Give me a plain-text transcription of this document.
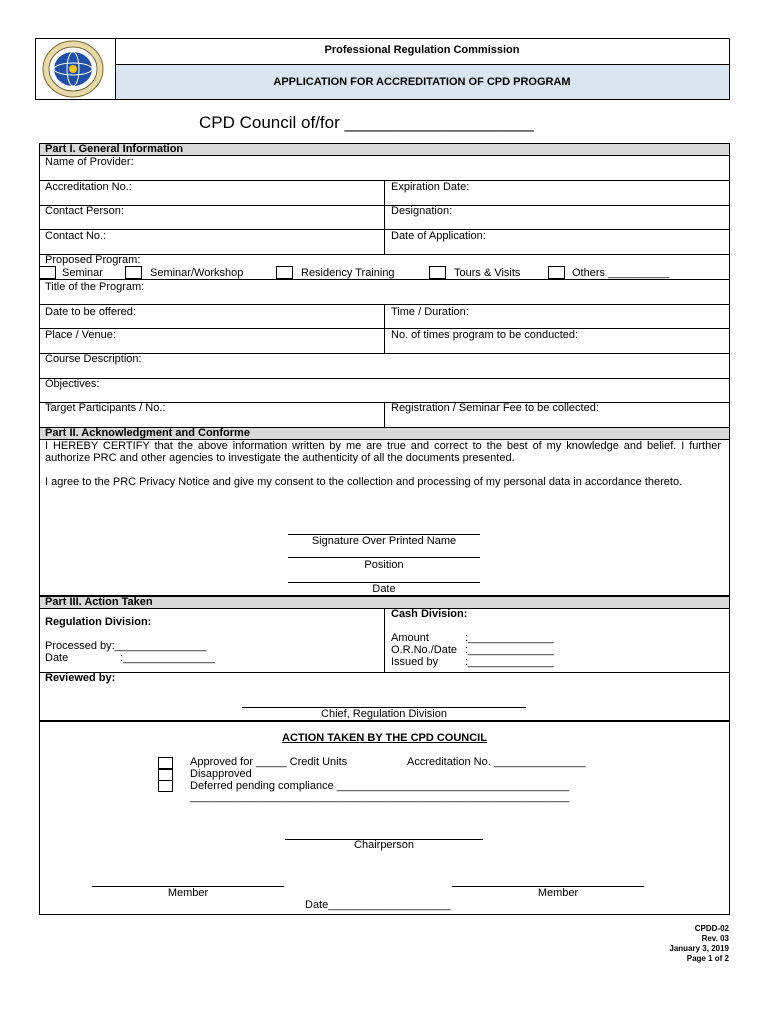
Professional Regulation Commission
APPLICATION FOR ACCREDITATION OF CPD PROGRAM
CPD Council of/for ____________________
Part I. General Information
Name of Provider:
Accreditation No.:	Expiration Date:
Contact Person:	Designation:
Contact No.:	Date of Application:
Proposed Program:
Seminar	Seminar/Workshop	Residency Training	Tours & Visits	Others __________
Title of the Program:
Date to be offered:	Time / Duration:
Place / Venue:	No. of times program to be conducted:
Course Description:
Objectives:
Target Participants / No.:	Registration / Seminar Fee to be collected:
Part II. Acknowledgment and Conforme
I HEREBY CERTIFY that the above information written by me are true and correct to the best of my knowledge and belief. I further authorize PRC and other agencies to investigate the authenticity of all the documents presented.
I agree to the PRC Privacy Notice and give my consent to the collection and processing of my personal data in accordance thereto.
Signature Over Printed Name
Position
Date
Part III. Action Taken
Regulation Division:
Processed by:_______________
Date	:_______________
Cash Division:
Amount	:______________
O.R.No./Date :______________
Issued by :______________
Reviewed by:
Chief, Regulation Division
ACTION TAKEN BY THE CPD COUNCIL
Approved for _____ Credit Units	Accreditation No. _______________
Disapproved
Deferred pending compliance ______________________________________
______________________________________________________________
Chairperson
Member	Member
Date____________________
CPDD-02
Rev. 03
January 3, 2019
Page 1 of 2
